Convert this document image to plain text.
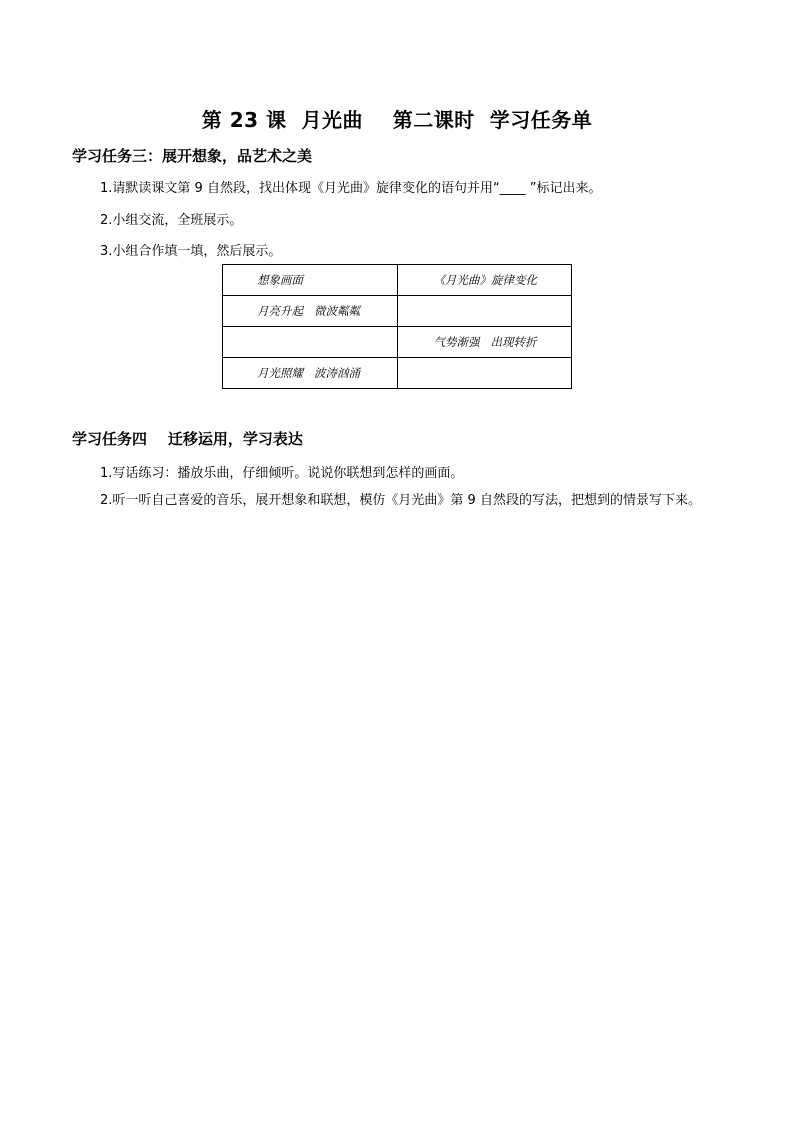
第 23 课  月光曲    第二课时  学习任务单
学习任务三：展开想象，品艺术之美
1.请默读课文第 9 自然段，找出体现《月光曲》旋律变化的语句并用“____ ”标记出来。
2.小组交流，全班展示。
3.小组合作填一填，然后展示。
想象画面	《月光曲》旋律变化
月亮升起   微波粼粼	
	气势渐强   出现转折
月光照耀   波涛汹涌	
学习任务四    迁移运用，学习表达
1.写话练习：播放乐曲，仔细倾听。说说你联想到怎样的画面。
2.听一听自己喜爱的音乐，展开想象和联想，模仿《月光曲》第 9 自然段的写法，把想到的情景写下来。
